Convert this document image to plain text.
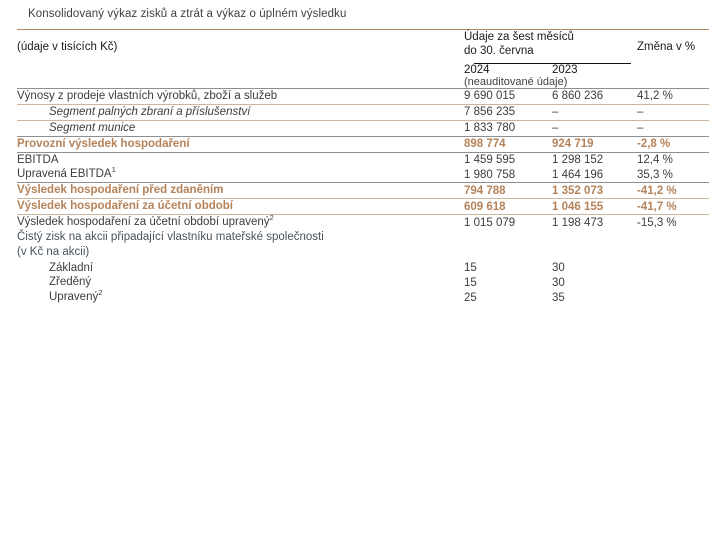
Konsolidovaný výkaz zisků a ztrát a výkaz o úplném výsledku

(údaje v tisících Kč)	Údaje za šest měsíců
do 30. června		Změna v %
	2024	2023	
	(neauditované údaje)		
Výnosy z prodeje vlastních výrobků, zboží a služeb	9 690 015	6 860 236	41,2 %
Segment palných zbraní a příslušenství	7 856 235	–	–
Segment munice	1 833 780	–	–
Provozní výsledek hospodaření	898 774	924 719	-2,8 %
EBITDA	1 459 595	1 298 152	12,4 %
Upravená EBITDA$^1$	1 980 758	1 464 196	35,3 %
Výsledek hospodaření před zdaněním	794 788	1 352 073	-41,2 %
Výsledek hospodaření za účetní období	609 618	1 046 155	-41,7 %
Výsledek hospodaření za účetní období upravený$^2$	1 015 079	1 198 473	-15,3 %

Čistý zisk na akcii připadající vlastníku mateřské společnosti
(v Kč na akcii)			

Základní	15	30	
Zředěný	15	30	
Upravený$^2$	25	35	
